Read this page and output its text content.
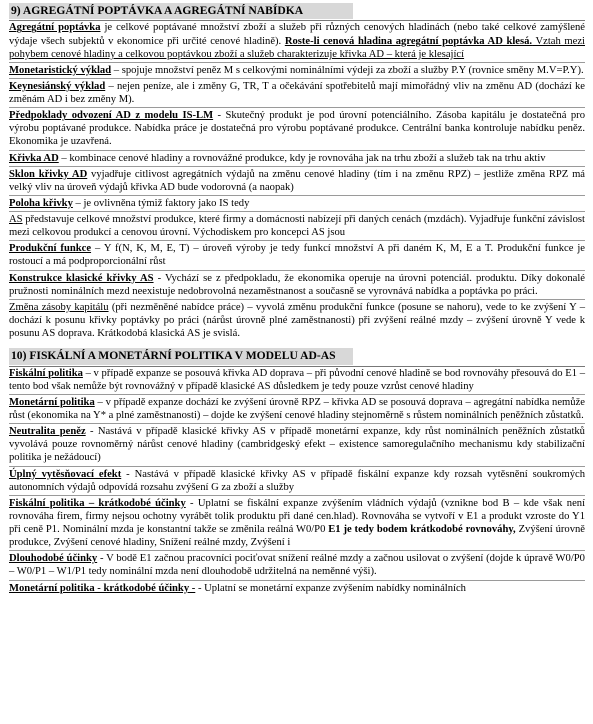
9) AGREGÁTNÍ POPTÁVKA A AGREGÁTNÍ NABÍDKA

Agregátní poptávka je celkové poptávané množství zboží a služeb při různých cenových hladinách (nebo také celkové zamýšlené výdaje všech subjektů v ekonomice při určité cenové hladině). Roste-li cenová hladina agregátní poptávka AD klesá. Vztah mezi pohybem cenové hladiny a celkovou poptávkou zboží a služeb charakterizuje křivka AD – která je klesající

Monetaristický výklad – spojuje množství peněz M s celkovými nominálními výdeji za zboží a služby P.Y (rovnice směny M.V=P.Y).

Keynesiánský výklad – nejen peníze, ale i změny G, TR, T a očekávání spotřebitelů mají mimořádný vliv na změnu AD (dochází ke změnám AD i bez změny M).

Předpoklady odvození AD z modelu IS-LM - Skutečný produkt je pod úrovní potenciálního. Zásoba kapitálu je dostatečná pro výrobu poptávané produkce. Nabídka práce je dostatečná pro výrobu poptávané produkce. Centrální banka kontroluje nabídku peněz. Ekonomika je uzavřená.

Křivka AD – kombinace cenové hladiny a rovnovážné produkce, kdy je rovnováha jak na trhu zboží a služeb tak na trhu aktiv

Sklon křivky AD vyjadřuje citlivost agregátních výdajů na změnu cenové hladiny (tím i na změnu RPZ) – jestliže změna RPZ má velký vliv na úroveň výdajů křivka AD bude vodorovná (a naopak)

Poloha křivky – je ovlivněna týmiž faktory jako IS tedy

AS představuje celkové množství produkce, které firmy a domácnosti nabízejí při daných cenách (mzdách). Vyjadřuje funkční závislost mezi celkovou produkcí a cenovou úrovní. Východiskem pro koncepci AS jsou

Produkční funkce – Y f(N, K, M, E, T) – úroveň výroby je tedy funkcí množství A při daném K, M, E a T. Produkční funkce je rostoucí a má podproporcionální růst

Konstrukce klasické křivky AS - Vychází se z předpokladu, že ekonomika operuje na úrovni potenciál. produktu. Díky dokonalé pružnosti nominálních mezd neexistuje nedobrovolná nezaměstnanost a současně se vyrovnává nabídka a poptávka po práci.

Změna zásoby kapitálu (při nezměněné nabídce práce) – vyvolá změnu produkční funkce (posune se nahoru), vede to ke zvýšení Y – dochází k posunu křivky poptávky po práci (nárůst úrovně plné zaměstnanosti) při zvýšení reálné mzdy – zvýšení úrovně Y vede k posunu AS doprava. Krátkodobá klasická AS je svislá.

10) FISKÁLNÍ A MONETÁRNÍ POLITIKA V MODELU AD-AS

Fiskální politika – v případě expanze se posouvá křivka AD doprava – při původní cenové hladině se bod rovnováhy přesouvá do E1 – tento bod však nemůže být rovnovážný v případě klasické AS důsledkem je tedy pouze vzrůst cenové hladiny

Monetární politika – v případě expanze dochází ke zvýšení úrovně RPZ – křivka AD se posouvá doprava – agregátní nabídka nemůže růst (ekonomika na Y* a plné zaměstnanosti) – dojde ke zvýšení cenové hladiny stejnoměrně s růstem nominálních peněžních zůstatků.

Neutralita peněz - Nastává v případě klasické křivky AS v případě monetární expanze, kdy růst nominálních peněžních zůstatků vyvolává pouze rovnoměrný nárůst cenové hladiny (cambridgeský efekt – existence samoregulačního mechanismu kdy stabilizační politika je nežádoucí)

Úplný vytěsňovací efekt - Nastává v případě klasické křivky AS v případě fiskální expanze kdy rozsah vytěsnění soukromých autonomních výdajů odpovídá rozsahu zvýšení G za zboží a služby

Fiskální politika – krátkodobé účinky - Uplatní se fiskální expanze zvýšením vládních výdajů (vznikne bod B – kde však není rovnováha firem, firmy nejsou ochotny vyrábět tolik produktu při dané cen.hlad). Rovnováha se vytvoří v E1 a produkt vzroste do Y1 při ceně P1. Nominální mzda je konstantní takže se změnila reálná W0/P0 E1 je tedy bodem krátkodobé rovnováhy, Zvýšení úrovně produkce, Zvýšení cenové hladiny, Snížení reálné mzdy, Zvýšení i

Dlouhodobé účinky - V bodě E1 začnou pracovníci pociťovat snížení reálné mzdy a začnou usilovat o zvýšení (dojde k úpravě W0/P0 – W0/P1 – W1/P1 tedy nominální mzda není dlouhodobě udržitelná na neměnné výši).

Monetární politika - krátkodobé účinky - - Uplatní se monetární expanze zvýšením nabídky nominálních
